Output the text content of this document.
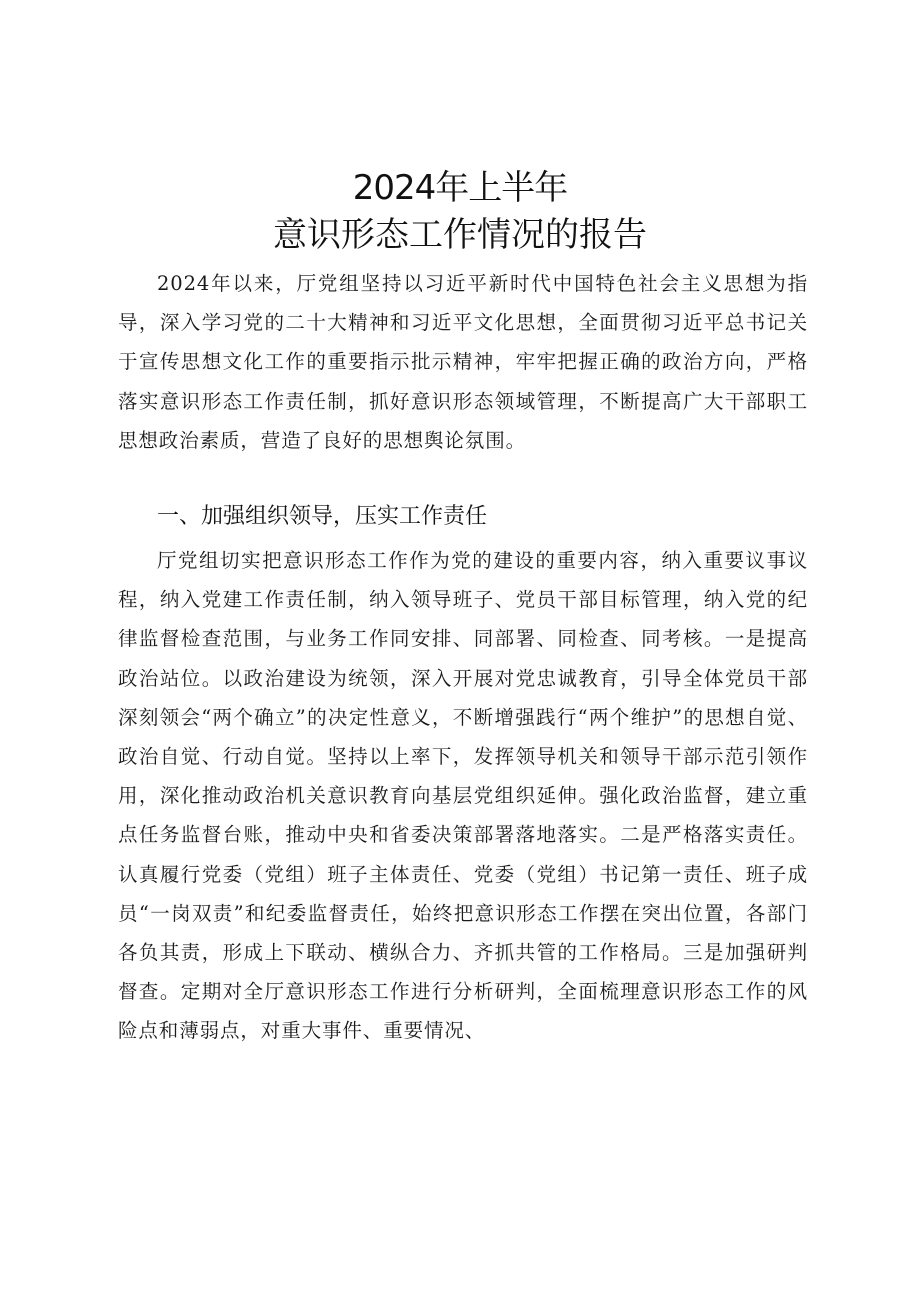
2024年上半年
意识形态工作情况的报告
2024年以来，厅党组坚持以习近平新时代中国特色社会主义思想为指导，深入学习党的二十大精神和习近平文化思想，全面贯彻习近平总书记关于宣传思想文化工作的重要指示批示精神，牢牢把握正确的政治方向，严格落实意识形态工作责任制，抓好意识形态领域管理，不断提高广大干部职工思想政治素质，营造了良好的思想舆论氛围。
一、加强组织领导，压实工作责任
厅党组切实把意识形态工作作为党的建设的重要内容，纳入重要议事议程，纳入党建工作责任制，纳入领导班子、党员干部目标管理，纳入党的纪律监督检查范围，与业务工作同安排、同部署、同检查、同考核。一是提高政治站位。以政治建设为统领，深入开展对党忠诚教育，引导全体党员干部深刻领会“两个确立”的决定性意义，不断增强践行“两个维护”的思想自觉、政治自觉、行动自觉。坚持以上率下，发挥领导机关和领导干部示范引领作用，深化推动政治机关意识教育向基层党组织延伸。强化政治监督，建立重点任务监督台账，推动中央和省委决策部署落地落实。二是严格落实责任。认真履行党委（党组）班子主体责任、党委（党组）书记第一责任、班子成员“一岗双责”和纪委监督责任，始终把意识形态工作摆在突出位置，各部门各负其责，形成上下联动、横纵合力、齐抓共管的工作格局。三是加强研判督查。定期对全厅意识形态工作进行分析研判，全面梳理意识形态工作的风险点和薄弱点，对重大事件、重要情况、
